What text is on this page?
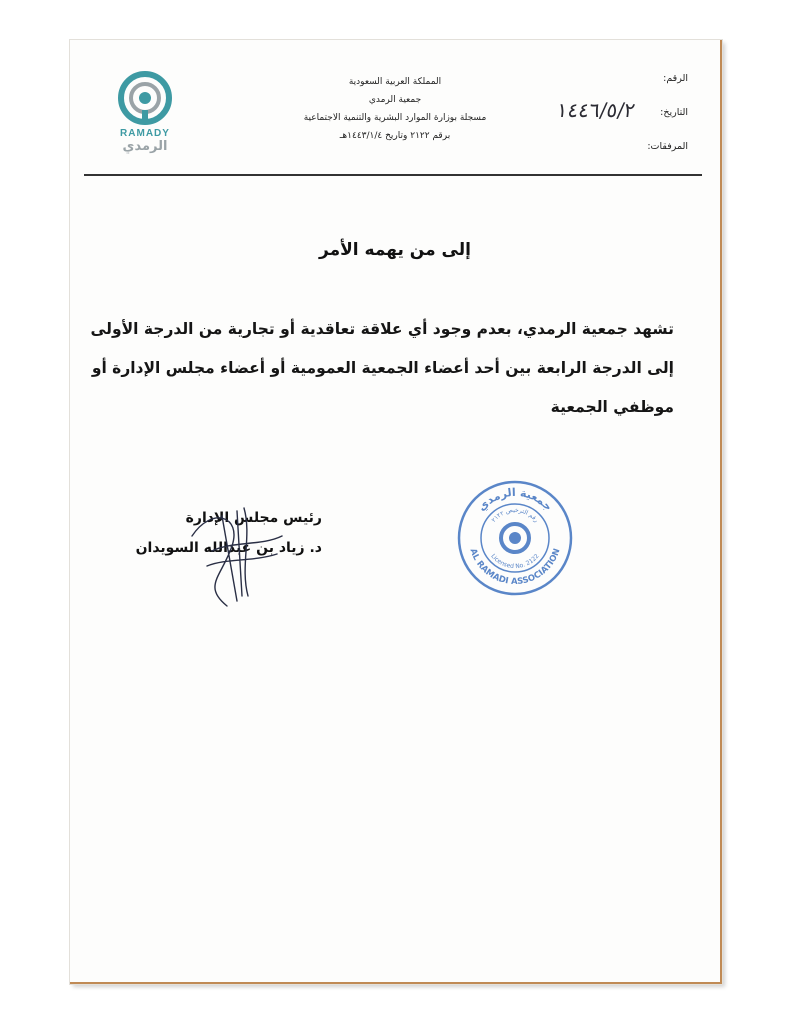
RAMADY
الرمدي
المملكة العربية السعودية
جمعية الرمدي
مسجلة بوزارة الموارد البشرية والتنمية الاجتماعية
برقم ٢١٢٢ وتاريخ ١٤٤٣/١/٤هـ
الرقم:
التاريخ:
المرفقات:
١٤٤٦/٥/٢
إلى من يهمه الأمر
تشهد جمعية الرمدي، بعدم وجود أي علاقة تعاقدية أو تجارية من الدرجة الأولى
إلى الدرجة الرابعة بين أحد أعضاء الجمعية العمومية أو أعضاء مجلس الإدارة أو
موظفي الجمعية
جمعية الرمدي
AL RAMADI ASSOCIATION
رقم الترخيص ٢١٢٢
Licensed No. 2122
رئيس مجلس الإدارة
د. زياد بن عبدالله السويدان
